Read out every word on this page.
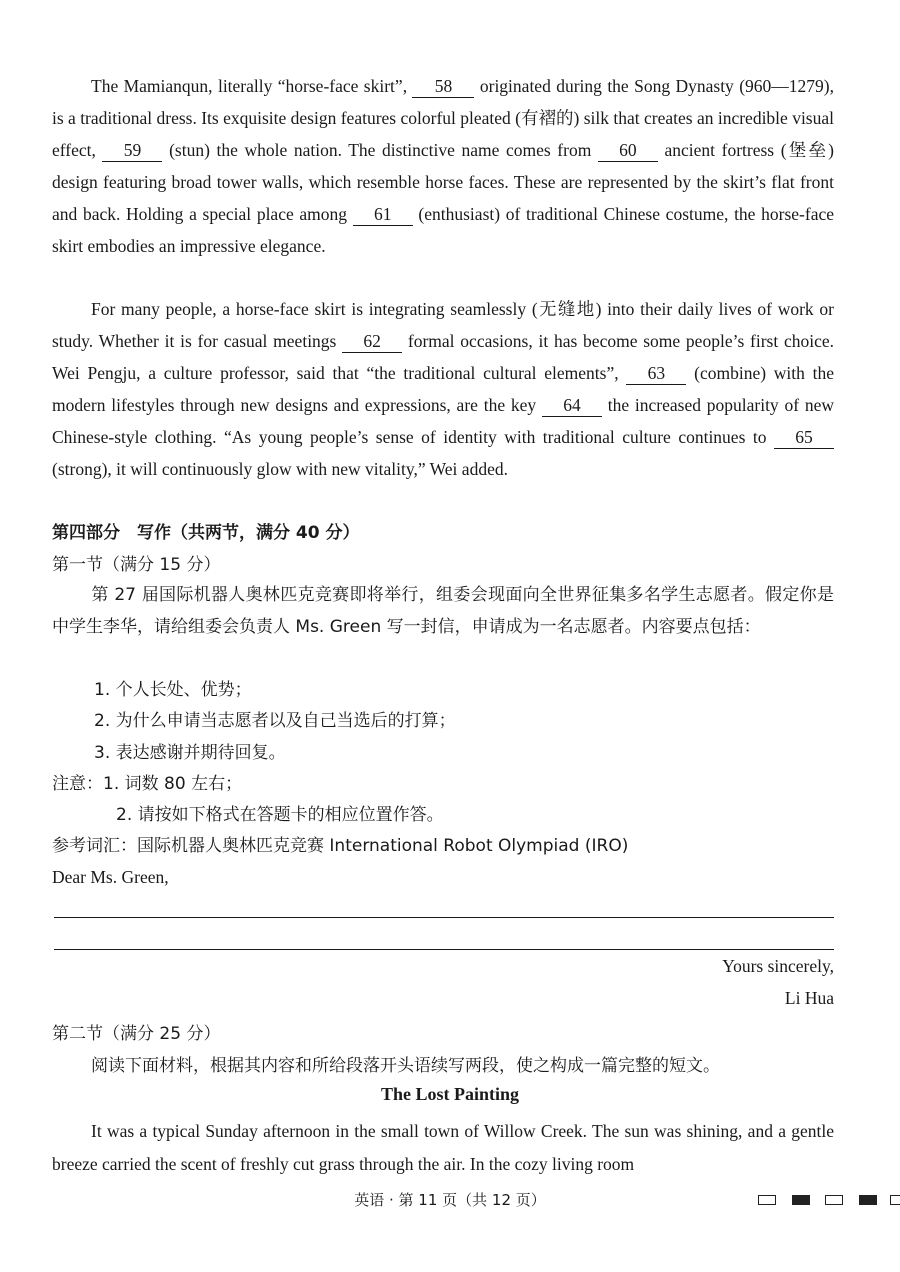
The Mamianqun, literally “horse-face skirt”, 58 originated during the Song Dynasty (960—1279), is a traditional dress. Its exquisite design features colorful pleated (有褶的) silk that creates an incredible visual effect, 59 (stun) the whole nation. The distinctive name comes from 60 ancient fortress (堡垒) design featuring broad tower walls, which resemble horse faces. These are represented by the skirt’s flat front and back. Holding a special place among 61 (enthusiast) of traditional Chinese costume, the horse-face skirt embodies an impressive elegance.

For many people, a horse-face skirt is integrating seamlessly (无缝地) into their daily lives of work or study. Whether it is for casual meetings 62 formal occasions, it has become some people’s first choice. Wei Pengju, a culture professor, said that “the traditional cultural elements”, 63 (combine) with the modern lifestyles through new designs and expressions, are the key 64 the increased popularity of new Chinese-style clothing. “As young people’s sense of identity with traditional culture continues to 65 (strong), it will continuously glow with new vitality,” Wei added.

第四部分　写作（共两节，满分 40 分）
第一节（满分 15 分）

第 27 届国际机器人奥林匹克竞赛即将举行，组委会现面向全世界征集多名学生志愿者。假定你是中学生李华，请给组委会负责人 Ms. Green 写一封信，申请成为一名志愿者。内容要点包括：

1. 个人长处、优势；
2. 为什么申请当志愿者以及自己当选后的打算；
3. 表达感谢并期待回复。
注意：1. 词数 80 左右；
2. 请按如下格式在答题卡的相应位置作答。
参考词汇：国际机器人奥林匹克竞赛 International Robot Olympiad (IRO)
Dear Ms. Green,
Yours sincerely,
Li Hua
第二节（满分 25 分）
阅读下面材料，根据其内容和所给段落开头语续写两段，使之构成一篇完整的短文。
The Lost Painting

It was a typical Sunday afternoon in the small town of Willow Creek. The sun was shining, and a gentle breeze carried the scent of freshly cut grass through the air. In the cozy living room

英语 · 第 11 页（共 12 页）
